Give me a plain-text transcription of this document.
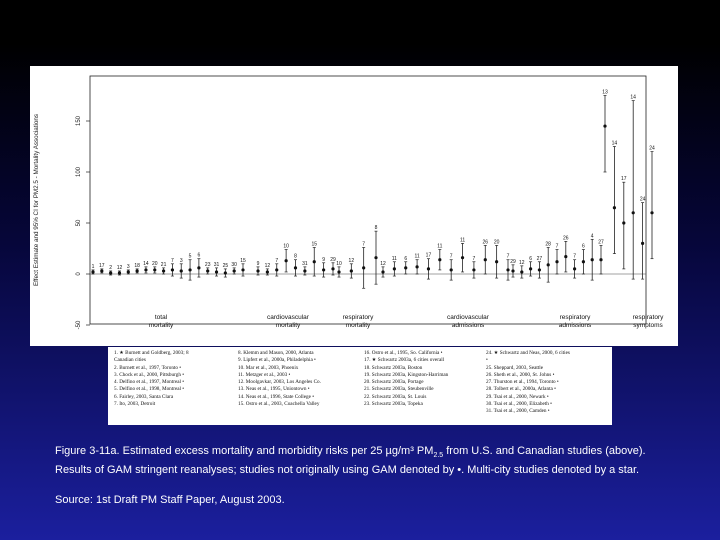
-50
0
50
100
150
Effect Estimate and 95% CI for PM2.5 - Mortality Associations	1 17 2 12 3 18 14 20 21
7 3
5 6
23 31 25 30
15
9 12
7
10
8
31
15
9 29
10
12
7
8
12
11 6 11 17
11
7
11
7
26 20
7
29 12
6 27
28 7
26
7
6
4
27
13
14
17
14
24
24
total mortality
cardiovascular mortality
respiratory mortality
cardiovascular admissions
respiratory admissions
respiratory symptoms
1. ★ Burnett and Goldberg, 2003; 8
Canadian cities
2. Burnett et al., 1997, Toronto •
3. Chock et al., 2000, Pittsburgh •
4. Delfino et al., 1997, Montreal •
5. Delfino et al., 1998, Montreal •
6. Fairley, 2003, Santa Clara
7. Ito, 2003, Detroit
8. Klemm and Mason, 2000, Atlanta
9. Lipfert et al., 2000a, Philadelphia •
10. Mar et al., 2003, Phoenix
11. Metzger et al., 2003 •
12. Moolgavkar, 2003, Los Angeles Co.
13. Neas et al., 1995, Uniontown •
14. Neas et al., 1996, State College •
15. Ostro et al., 2003, Coachella Valley
16. Ostro et al., 1995, So. California •
17. ★ Schwartz 2003a, 6 cities overall
18. Schwartz 2003a, Boston
19. Schwartz 2003a, Kingston-Harriman
20. Schwartz 2003a, Portage
21. Schwartz 2003a, Steubenville
22. Schwartz 2003a, St. Louis
23. Schwartz 2003a, Topeka
24. ★ Schwartz and Neas, 2000, 6 cities
•
25. Sheppard, 2003, Seattle
26. Sheth et al., 2000, St. Johns •
27. Thurston et al., 1994, Toronto •
28. Tolbert et al., 2000a, Atlanta •
29. Tsai et al., 2000, Newark •
30. Tsai et al., 2000, Elizabeth •
31. Tsai et al., 2000, Camden •
Figure 3-11a. Estimated excess mortality and morbidity risks per 25 µg/m³ $PM_{2.5}$ from U.S. and Canadian studies (above). Results of GAM stringent reanalyses; studies not originally using GAM denoted by •. Multi-city studies denoted by a star.
Source: 1st Draft PM Staff Paper, August 2003.
